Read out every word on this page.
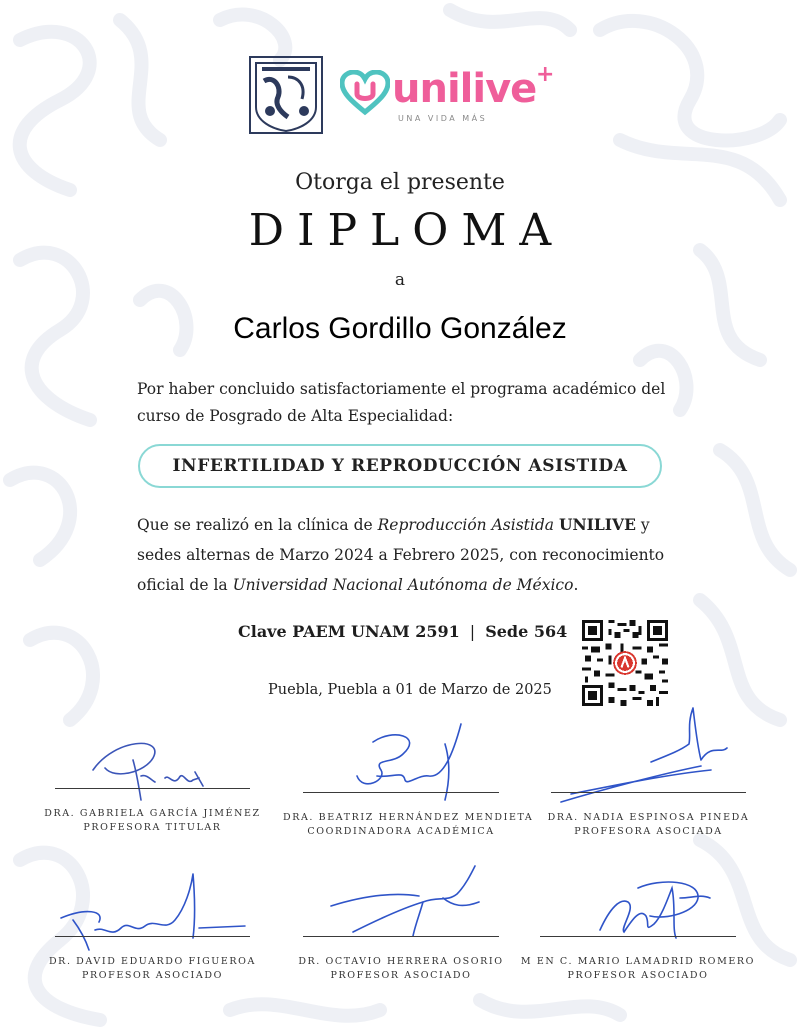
unilive +
UNA VIDA MÁS
Otorga el presente
DIPLOMA
a
Carlos Gordillo González
Por haber concluido satisfactoriamente el programa académico del curso de Posgrado de Alta Especialidad:
INFERTILIDAD Y REPRODUCCIÓN ASISTIDA
Que se realizó en la clínica de Reproducción Asistida UNILIVE y sedes alternas de Marzo 2024 a Febrero 2025, con reconocimiento oficial de la Universidad Nacional Autónoma de México.
Clave PAEM UNAM 2591 | Sede 564
Puebla, Puebla a 01 de Marzo de 2025
DRA. GABRIELA GARCÍA JIMÉNEZ
PROFESORA TITULAR
DRA. BEATRIZ HERNÁNDEZ MENDIETA
COORDINADORA ACADÉMICA
DRA. NADIA ESPINOSA PINEDA
PROFESORA ASOCIADA
DR. DAVID EDUARDO FIGUEROA
PROFESOR ASOCIADO
DR. OCTAVIO HERRERA OSORIO
PROFESOR ASOCIADO
M EN C. MARIO LAMADRID ROMERO
PROFESOR ASOCIADO
